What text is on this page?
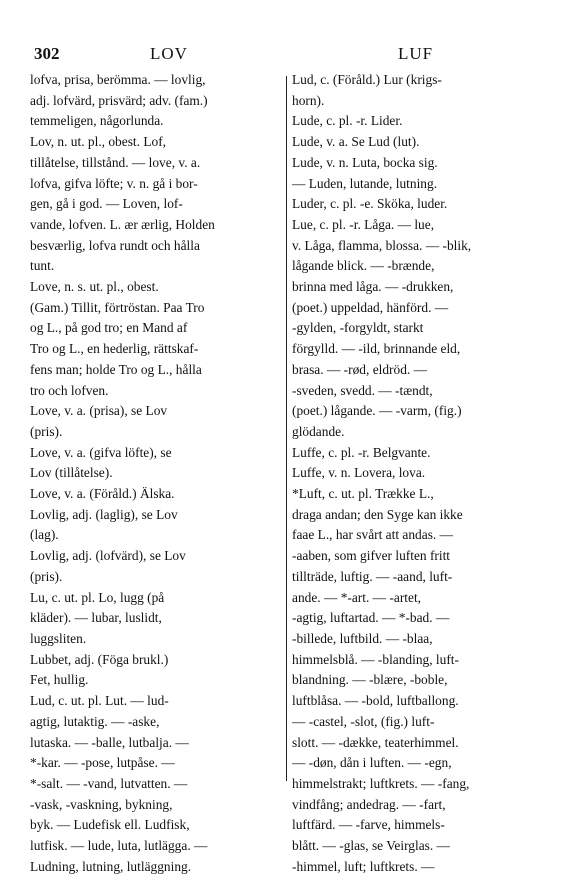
302	LOV	LUF
lofva, prisa, berömma. — lovlig,
adj. lofvärd, prisvärd; adv. (fam.)
temmeligen, någorlunda.
Lov, n. ut. pl., obest. Lof,
tillåtelse, tillstånd. — love, v. a.
lofva, gifva löfte; v. n. gå i bor-
gen, gå i god. — Loven, lof-
vande, lofven. L. ær ærlig, Holden
besværlig, lofva rundt och hålla
tunt.
Love, n. s. ut. pl., obest.
(Gam.) Tillit, förtröstan. Paa Tro
og L., på god tro; en Mand af
Tro og L., en hederlig, rättskaf-
fens man; holde Tro og L., hålla
tro och lofven.
Love, v. a. (prisa), se Lov
(pris).
Love, v. a. (gifva löfte), se
Lov (tillåtelse).
Love, v. a. (Föråld.) Älska.
Lovlig, adj. (laglig), se Lov
(lag).
Lovlig, adj. (lofvärd), se Lov
(pris).
Lu, c. ut. pl. Lo, lugg (på
kläder). — lubar, luslidt,
luggsliten.
Lubbet, adj. (Föga brukl.)
Fet, hullig.
Lud, c. ut. pl. Lut. — lud-
agtig, lutaktig. — -aske,
lutaska. — -balle, lutbalja. —
*-kar. — -pose, lutpåse. —
*-salt. — -vand, lutvatten. —
-vask, -vaskning, bykning,
byk. — Ludefisk ell. Ludfisk,
lutfisk. — lude, luta, lutlägga. —
Ludning, lutning, lutläggning.
Lud, c. (Föråld.) Lur (krigs-
horn).
Lude, c. pl. -r. Lider.
Lude, v. a. Se Lud (lut).
Lude, v. n. Luta, bocka sig.
— Luden, lutande, lutning.
Luder, c. pl. -e. Sköka, luder.
Lue, c. pl. -r. Låga. — lue,
v. Låga, flamma, blossa. — -blik,
lågande blick. — -brænde,
brinna med låga. — -drukken,
(poet.) uppeldad, hänförd. —
-gylden, -forgyldt, starkt
förgylld. — -ild, brinnande eld,
brasa. — -rød, eldröd. —
-sveden, svedd. — -tændt,
(poet.) lågande. — -varm, (fig.)
glödande.
Luffe, c. pl. -r. Belgvante.
Luffe, v. n. Lovera, lova.
*Luft, c. ut. pl. Trække L.,
draga andan; den Syge kan ikke
faae L., har svårt att andas. —
-aaben, som gifver luften fritt
tillträde, luftig. — -aand, luft-
ande. — *-art. — -artet,
-agtig, luftartad. — *-bad. —
-billede, luftbild. — -blaa,
himmelsblå. — -blanding, luft-
blandning. — -blære, -boble,
luftblåsa. — -bold, luftballong.
— -castel, -slot, (fig.) luft-
slott. — -dække, teaterhimmel.
— -døn, dån i luften. — -egn,
himmelstrakt; luftkrets. — -fang,
vindfång; andedrag. — -fart,
luftfärd. — -farve, himmels-
blått. — -glas, se Veirglas. —
-himmel, luft; luftkrets. —
